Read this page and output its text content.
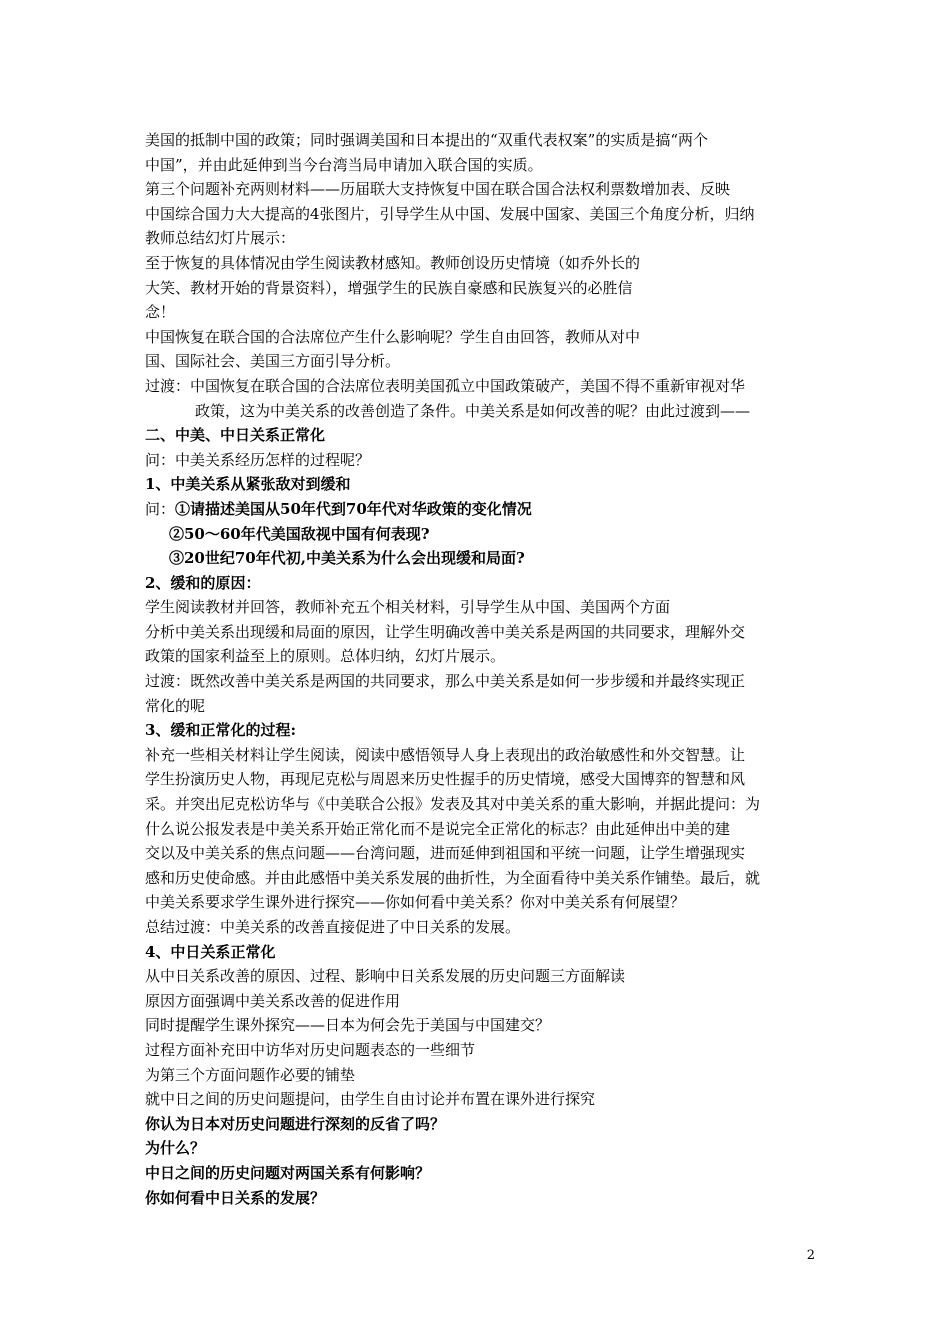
美国的抵制中国的政策；同时强调美国和日本提出的“双重代表权案”的实质是搞“两个
中国”，并由此延伸到当今台湾当局申请加入联合国的实质。
第三个问题补充两则材料——历届联大支持恢复中国在联合国合法权利票数增加表、反映
中国综合国力大大提高的4张图片，引导学生从中国、发展中国家、美国三个角度分析，归纳
教师总结幻灯片展示：
至于恢复的具体情况由学生阅读教材感知。教师创设历史情境（如乔外长的
大笑、教材开始的背景资料），增强学生的民族自豪感和民族复兴的必胜信
念！
中国恢复在联合国的合法席位产生什么影响呢？学生自由回答，教师从对中
国、国际社会、美国三方面引导分析。
过渡：中国恢复在联合国的合法席位表明美国孤立中国政策破产，美国不得不重新审视对华
政策，这为中美关系的改善创造了条件。中美关系是如何改善的呢？由此过渡到——
二、中美、中日关系正常化
问：中美关系经历怎样的过程呢？
1、中美关系从紧张敌对到缓和
问：①请描述美国从50年代到70年代对华政策的变化情况
②50～60年代美国敌视中国有何表现?
③20世纪70年代初,中美关系为什么会出现缓和局面?
2、缓和的原因：
学生阅读教材并回答，教师补充五个相关材料，引导学生从中国、美国两个方面
分析中美关系出现缓和局面的原因，让学生明确改善中美关系是两国的共同要求，理解外交
政策的国家利益至上的原则。总体归纳，幻灯片展示。
过渡：既然改善中美关系是两国的共同要求，那么中美关系是如何一步步缓和并最终实现正
常化的呢
3、缓和正常化的过程:
补充一些相关材料让学生阅读，阅读中感悟领导人身上表现出的政治敏感性和外交智慧。让
学生扮演历史人物，再现尼克松与周恩来历史性握手的历史情境，感受大国博弈的智慧和风
采。并突出尼克松访华与《中美联合公报》发表及其对中美关系的重大影响，并据此提问：为
什么说公报发表是中美关系开始正常化而不是说完全正常化的标志？由此延伸出中美的建
交以及中美关系的焦点问题——台湾问题，进而延伸到祖国和平统一问题，让学生增强现实
感和历史使命感。并由此感悟中美关系发展的曲折性，为全面看待中美关系作铺垫。最后，就
中美关系要求学生课外进行探究——你如何看中美关系？你对中美关系有何展望？
总结过渡：中美关系的改善直接促进了中日关系的发展。
4、中日关系正常化
从中日关系改善的原因、过程、影响中日关系发展的历史问题三方面解读
原因方面强调中美关系改善的促进作用
同时提醒学生课外探究——日本为何会先于美国与中国建交？
过程方面补充田中访华对历史问题表态的一些细节
为第三个方面问题作必要的铺垫
就中日之间的历史问题提问，由学生自由讨论并布置在课外进行探究
你认为日本对历史问题进行深刻的反省了吗？
为什么？
中日之间的历史问题对两国关系有何影响？
你如何看中日关系的发展？
2
